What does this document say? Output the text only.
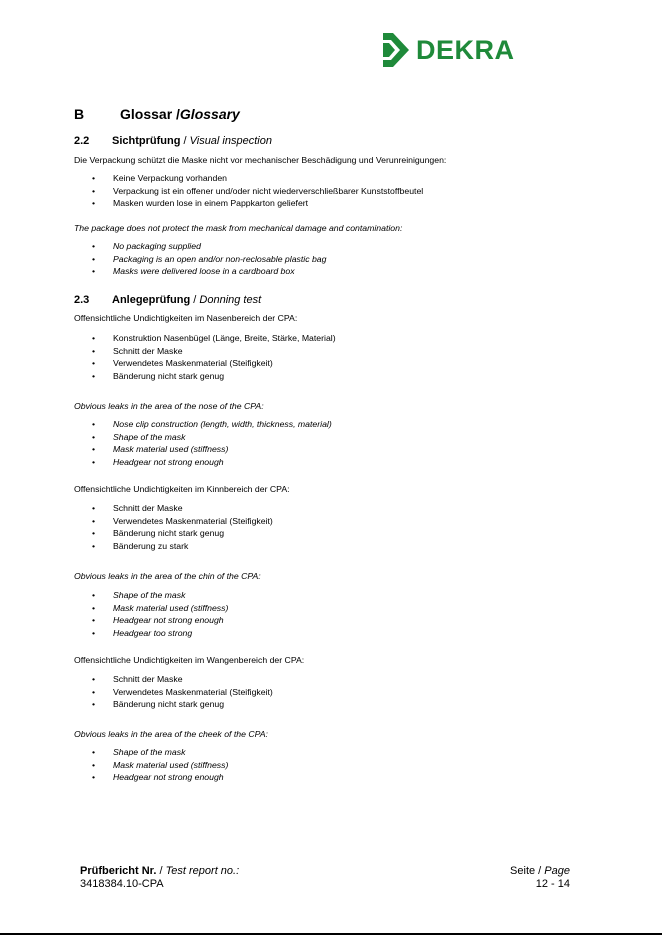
DEKRA
B	Glossar /Glossary
2.2 Sichtprüfung / Visual inspection
Die Verpackung schützt die Maske nicht vor mechanischer Beschädigung und Verunreinigungen:
• Keine Verpackung vorhanden
• Verpackung ist ein offener und/oder nicht wiederverschließbarer Kunststoffbeutel
• Masken wurden lose in einem Pappkarton geliefert
The package does not protect the mask from mechanical damage and contamination:
• No packaging supplied
• Packaging is an open and/or non-reclosable plastic bag
• Masks were delivered loose in a cardboard box
2.3 Anlegeprüfung / Donning test
Offensichtliche Undichtigkeiten im Nasenbereich der CPA:
• Konstruktion Nasenbügel (Länge, Breite, Stärke, Material)
• Schnitt der Maske
• Verwendetes Maskenmaterial (Steifigkeit)
• Bänderung nicht stark genug
Obvious leaks in the area of the nose of the CPA:
• Nose clip construction (length, width, thickness, material)
• Shape of the mask
• Mask material used (stiffness)
• Headgear not strong enough
Offensichtliche Undichtigkeiten im Kinnbereich der CPA:
• Schnitt der Maske
• Verwendetes Maskenmaterial (Steifigkeit)
• Bänderung nicht stark genug
• Bänderung zu stark
Obvious leaks in the area of the chin of the CPA:
• Shape of the mask
• Mask material used (stiffness)
• Headgear not strong enough
• Headgear too strong
Offensichtliche Undichtigkeiten im Wangenbereich der CPA:
• Schnitt der Maske
• Verwendetes Maskenmaterial (Steifigkeit)
• Bänderung nicht stark genug
Obvious leaks in the area of the cheek of the CPA:
• Shape of the mask
• Mask material used (stiffness)
• Headgear not strong enough
Prüfbericht Nr. / Test report no.:
3418384.10-CPA
Seite / Page
12 - 14
